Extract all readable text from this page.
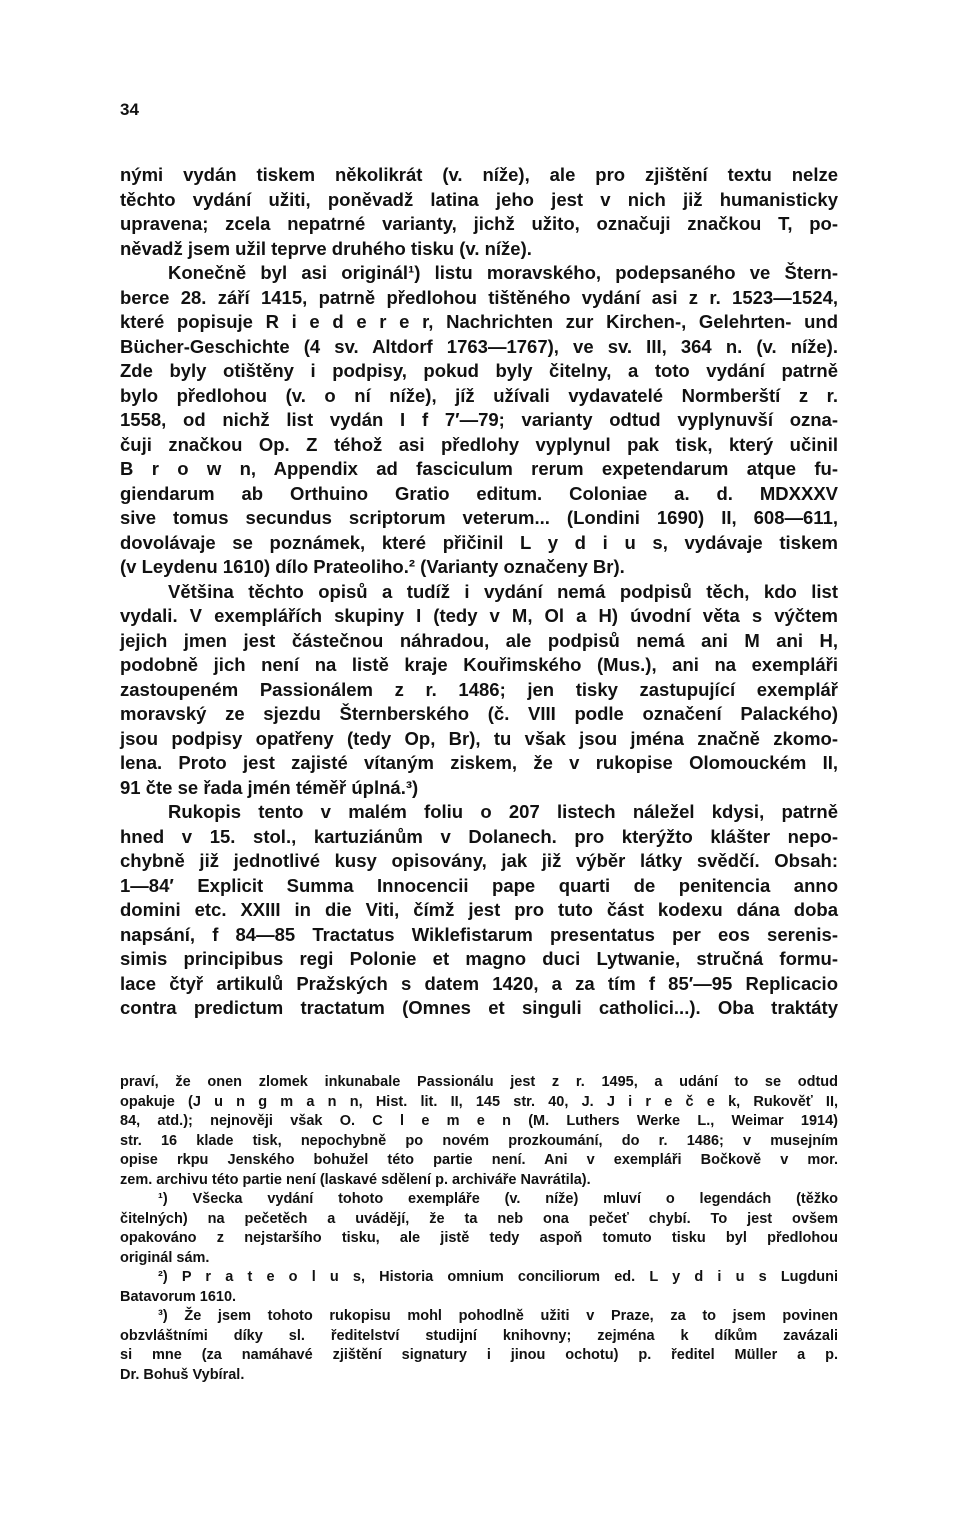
34
nými vydán tiskem několikrát (v. níže), ale pro zjištění textu nelze
těchto vydání užiti, poněvadž latina jeho jest v nich již humanisticky
upravena; zcela nepatrné varianty, jichž užito, označuji značkou T, po-
něvadž jsem užil teprve druhého tisku (v. níže).
Konečně byl asi originál¹) listu moravského, podepsaného ve Štern-
berce 28. září 1415, patrně předlohou tištěného vydání asi z r. 1523—1524,
které popisuje R i e d e r e r, Nachrichten zur Kirchen-, Gelehrten- und
Bücher-Geschichte (4 sv. Altdorf 1763—1767), ve sv. III, 364 n. (v. níže).
Zde byly otištěny i podpisy, pokud byly čitelny, a toto vydání patrně
bylo předlohou (v. o ní níže), jíž užívali vydavatelé Normberští z r.
1558, od nichž list vydán I f 7′—79; varianty odtud vyplynuvší ozna-
čuji značkou Op. Z téhož asi předlohy vyplynul pak tisk, který učinil
B r o w n, Appendix ad fasciculum rerum expetendarum atque fu-
giendarum ab Orthuino Gratio editum. Coloniae a. d. MDXXXV
sive tomus secundus scriptorum veterum... (Londini 1690) II, 608—611,
dovolávaje se poznámek, které přičinil L y d i u s, vydávaje tiskem
(v Leydenu 1610) dílo Prateoliho.² (Varianty označeny Br).
Většina těchto opisů a tudíž i vydání nemá podpisů těch, kdo list
vydali. V exemplářích skupiny I (tedy v M, Ol a H) úvodní věta s výčtem
jejich jmen jest částečnou náhradou, ale podpisů nemá ani M ani H,
podobně jich není na listě kraje Kouřimského (Mus.), ani na exempláři
zastoupeném Passionálem z r. 1486; jen tisky zastupující exemplář
moravský ze sjezdu Šternberského (č. VIII podle označení Palackého)
jsou podpisy opatřeny (tedy Op, Br), tu však jsou jména značně zkomo-
lena. Proto jest zajisté vítaným ziskem, že v rukopise Olomouckém II,
91 čte se řada jmén téměř úplná.³)
Rukopis tento v malém foliu o 207 listech náležel kdysi, patrně
hned v 15. stol., kartuziánům v Dolanech. pro kterýžto klášter nepo-
chybně již jednotlivé kusy opisovány, jak již výběr látky svědčí. Obsah:
1—84′ Explicit Summa Innocencii pape quarti de penitencia anno
domini etc. XXIII in die Viti, čímž jest pro tuto část kodexu dána doba
napsání, f 84—85 Tractatus Wiklefistarum presentatus per eos serenis-
simis principibus regi Polonie et magno duci Lytwanie, stručná formu-
lace čtyř artikulů Pražských s datem 1420, a za tím f 85′—95 Replicacio
contra predictum tractatum (Omnes et singuli catholici...). Oba traktáty
praví, že onen zlomek inkunabale Passionálu jest z r. 1495, a udání to se odtud
opakuje (J u n g m a n n, Hist. lit. II, 145 str. 40, J. J i r e č e k, Rukověť II,
84, atd.); nejnověji však O. C l e m e n (M. Luthers Werke L., Weimar 1914)
str. 16 klade tisk, nepochybně po novém prozkoumání, do r. 1486; v musejním
opise rkpu Jenského bohužel této partie není. Ani v exempláři Bočkově v mor.
zem. archivu této partie není (laskavé sdělení p. archiváře Navrátila).
¹) Všecka vydání tohoto exempláře (v. níže) mluví o legendách (těžko
čitelných) na pečetěch a uvádějí, že ta neb ona pečeť chybí. To jest ovšem
opakováno z nejstaršího tisku, ale jistě tedy aspoň tomuto tisku byl předlohou
originál sám.
²) P r a t e o l u s, Historia omnium conciliorum ed. L y d i u s Lugduni
Batavorum 1610.
³) Že jsem tohoto rukopisu mohl pohodlně užiti v Praze, za to jsem povinen
obzvláštními díky sl. ředitelství studijní knihovny; zejména k díkům zavázali
si mne (za namáhavé zjištění signatury i jinou ochotu) p. ředitel Müller a p.
Dr. Bohuš Vybíral.
